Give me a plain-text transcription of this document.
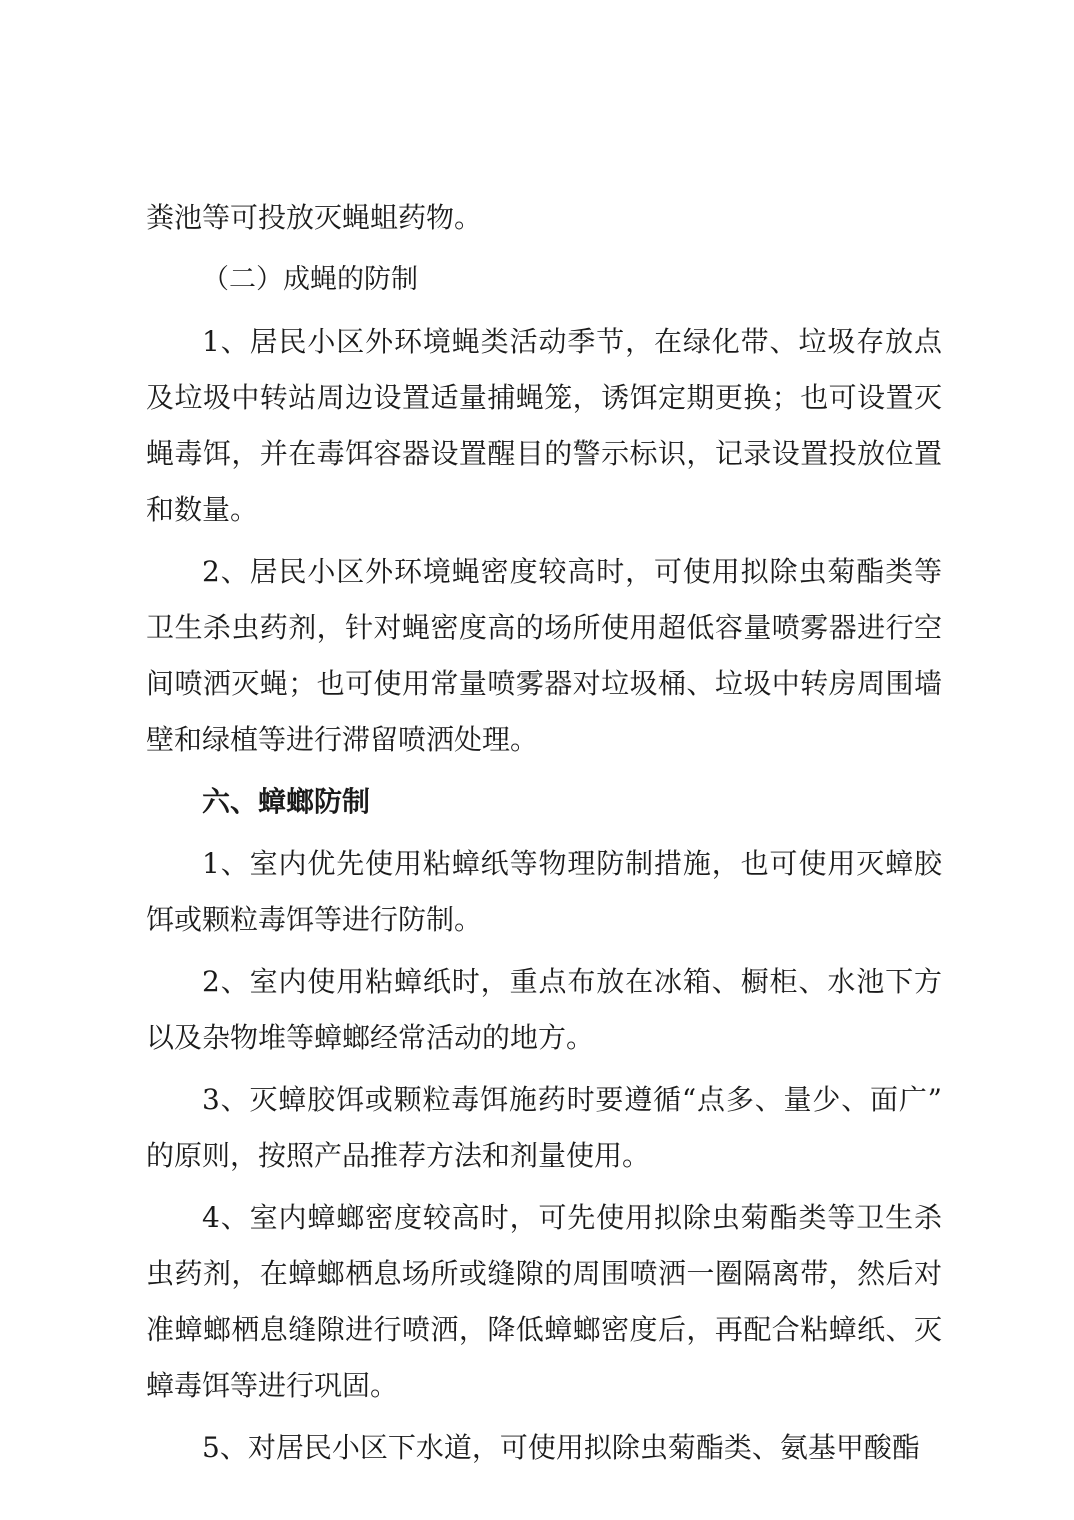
粪池等可投放灭蝇蛆药物。
（二）成蝇的防制
1、居民小区外环境蝇类活动季节，在绿化带、垃圾存放点
及垃圾中转站周边设置适量捕蝇笼，诱饵定期更换；也可设置灭
蝇毒饵，并在毒饵容器设置醒目的警示标识，记录设置投放位置
和数量。
2、居民小区外环境蝇密度较高时，可使用拟除虫菊酯类等
卫生杀虫药剂，针对蝇密度高的场所使用超低容量喷雾器进行空
间喷洒灭蝇；也可使用常量喷雾器对垃圾桶、垃圾中转房周围墙
壁和绿植等进行滞留喷洒处理。
六、蟑螂防制
1、室内优先使用粘蟑纸等物理防制措施，也可使用灭蟑胶
饵或颗粒毒饵等进行防制。
2、室内使用粘蟑纸时，重点布放在冰箱、橱柜、水池下方
以及杂物堆等蟑螂经常活动的地方。
3、灭蟑胶饵或颗粒毒饵施药时要遵循“点多、量少、面广”
的原则，按照产品推荐方法和剂量使用。
4、室内蟑螂密度较高时，可先使用拟除虫菊酯类等卫生杀
虫药剂，在蟑螂栖息场所或缝隙的周围喷洒一圈隔离带，然后对
准蟑螂栖息缝隙进行喷洒，降低蟑螂密度后，再配合粘蟑纸、灭
蟑毒饵等进行巩固。
5、对居民小区下水道，可使用拟除虫菊酯类、氨基甲酸酯
